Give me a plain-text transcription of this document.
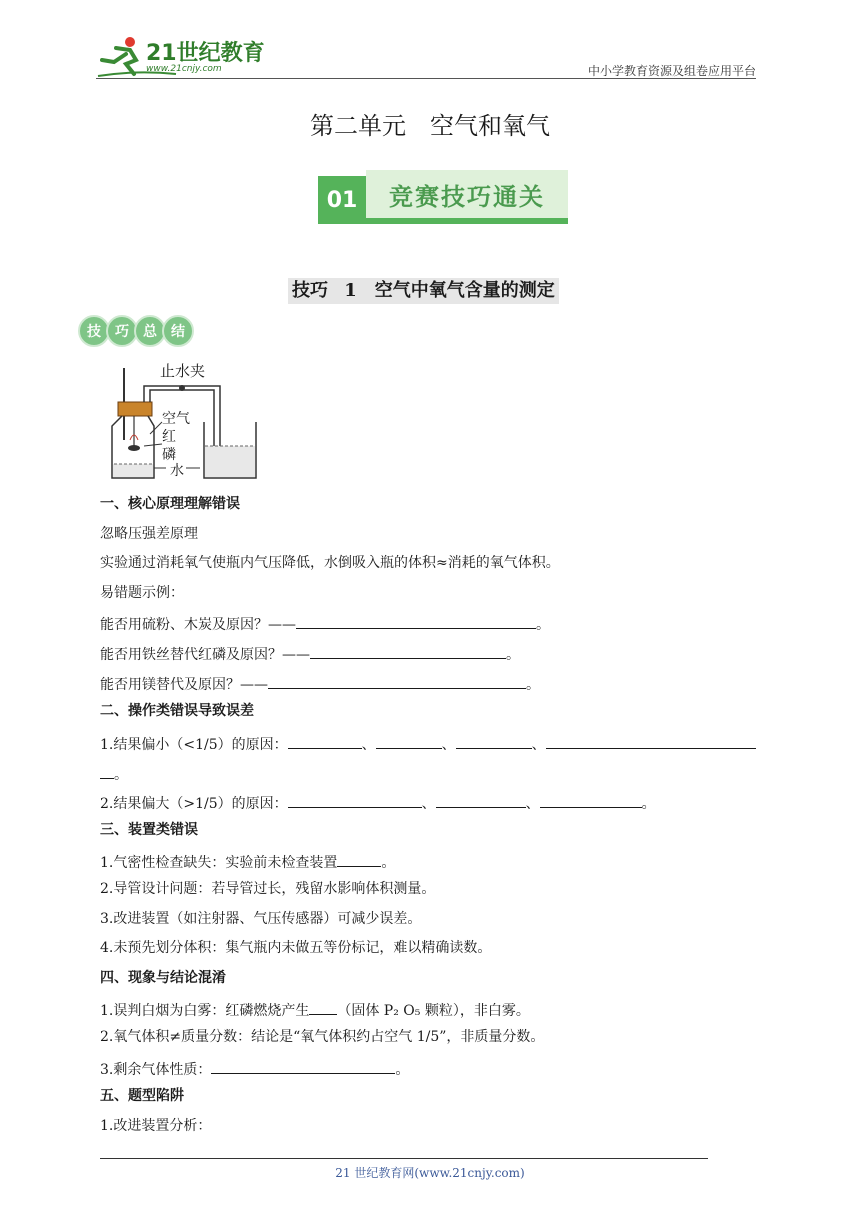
21世纪教育
www.21cnjy.com	中小学教育资源及组卷应用平台
第二单元　空气和氧气
01	竞赛技巧通关
技巧 1　空气中氧气含量的测定
技	巧	总	结
止水夹
空气
红
磷
水
一、核心原理理解错误
忽略压强差原理
实验通过消耗氧气使瓶内气压降低，水倒吸入瓶的体积≈消耗的氧气体积。
易错题示例：
能否用硫粉、木炭及原因？——	。
能否用铁丝替代红磷及原因？——	。
能否用镁替代及原因？——	。
二、操作类错误导致误差
1.结果偏小（<1/5）的原因：	、	、	、
。
2.结果偏大（>1/5）的原因：	、	、	。
三、装置类错误
1.气密性检查缺失：实验前未检查装置	。
2.导管设计问题：若导管过长，残留水影响体积测量。
3.改进装置（如注射器、气压传感器）可减少误差。
4.未预先划分体积：集气瓶内未做五等份标记，难以精确读数。
四、现象与结论混淆
1.误判白烟为白雾：红磷燃烧产生 （固体 P₂ O₅ 颗粒），非白雾。
2.氧气体积≠质量分数：结论是“氧气体积约占空气 1/5”，非质量分数。
3.剩余气体性质：	。
五、题型陷阱
1.改进装置分析：
21 世纪教育网(www.21cnjy.com)
